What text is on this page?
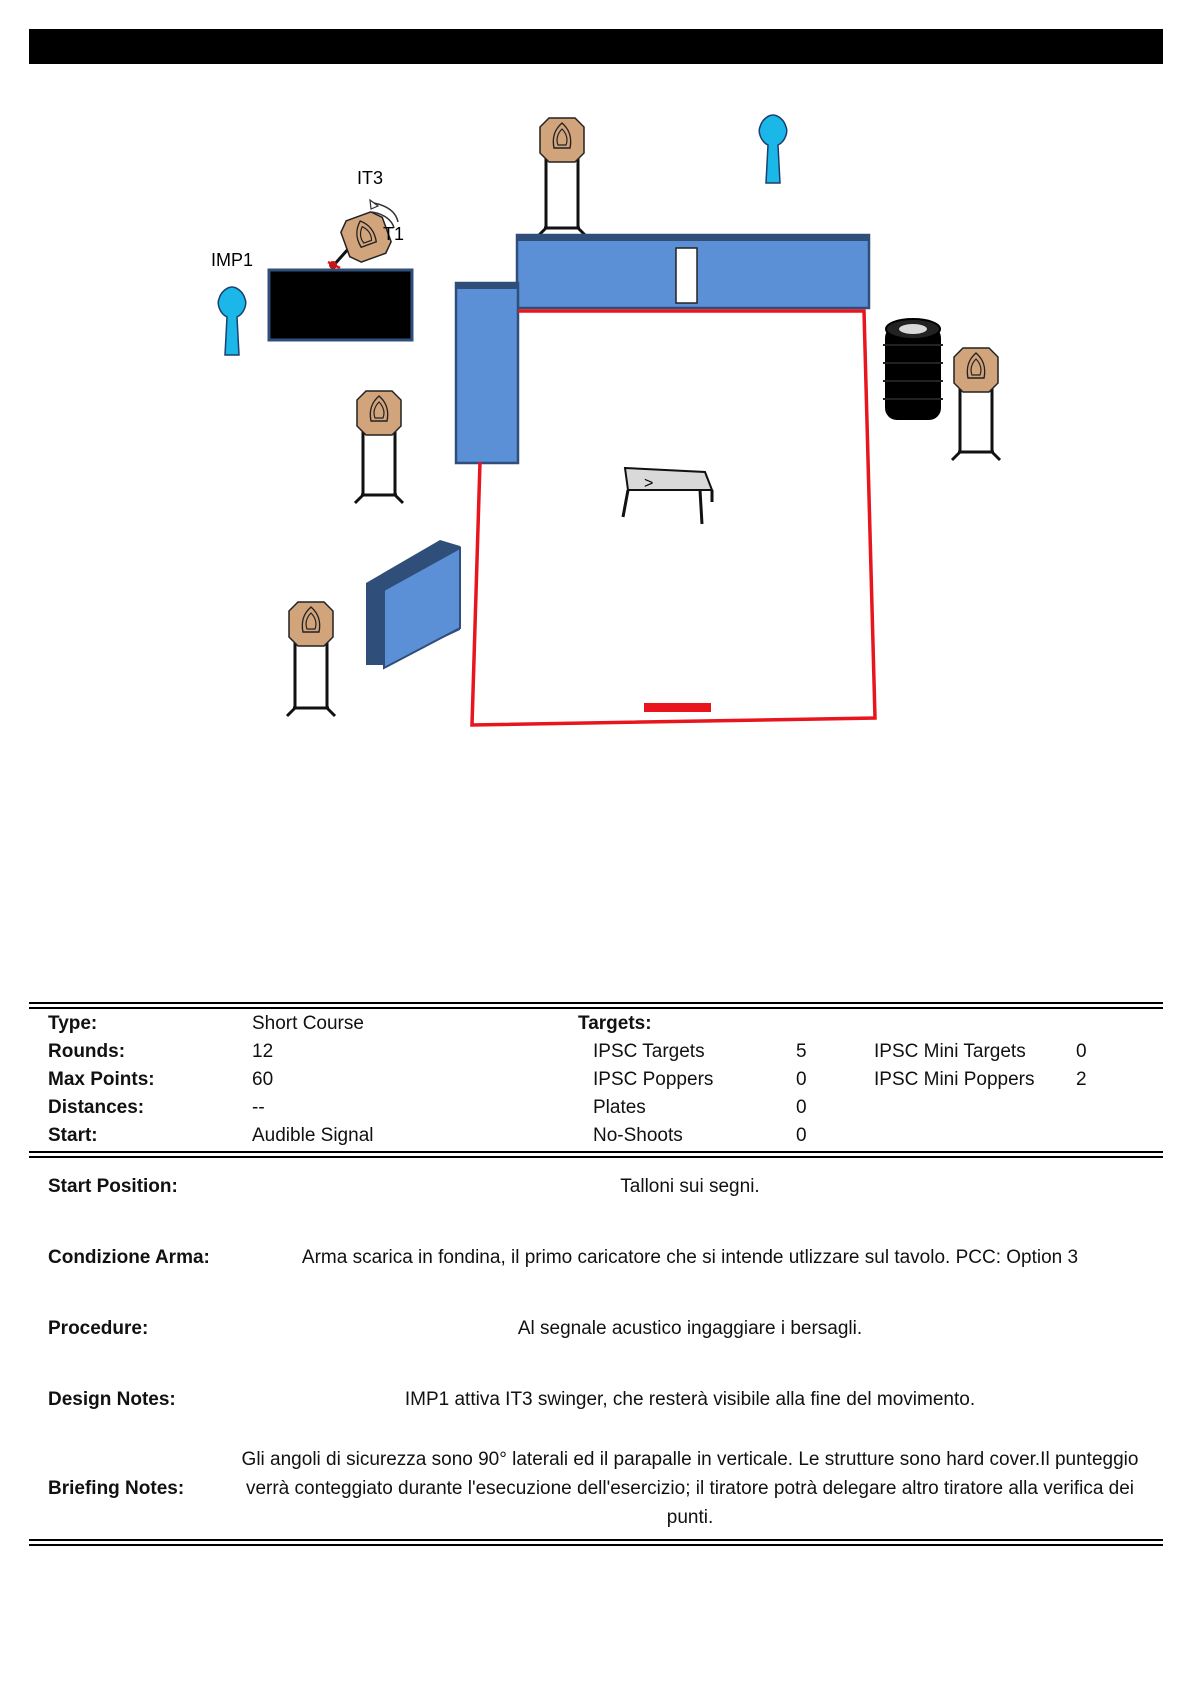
T1
IT3
IMP1
>
Type:	Short Course
Rounds:	12
Max Points:	60
Distances:	--
Start:	Audible Signal
Targets:
IPSC Targets	5
IPSC Poppers	0
Plates	0
No-Shoots	0
IPSC Mini Targets	0
IPSC Mini Poppers 2
Start Position:	Talloni sui segni.
Condizione Arma:	Arma scarica in fondina, il primo caricatore che si intende utlizzare sul tavolo. PCC: Option 3
Procedure:	Al segnale acustico ingaggiare i bersagli.
Design Notes:	IMP1 attiva IT3 swinger, che resterà visibile alla fine del movimento.
Briefing Notes:
Gli angoli di sicurezza sono 90° laterali ed il parapalle in verticale. Le strutture sono hard cover.Il punteggio verrà conteggiato durante l'esecuzione dell'esercizio; il tiratore potrà delegare altro tiratore alla verifica dei punti.
